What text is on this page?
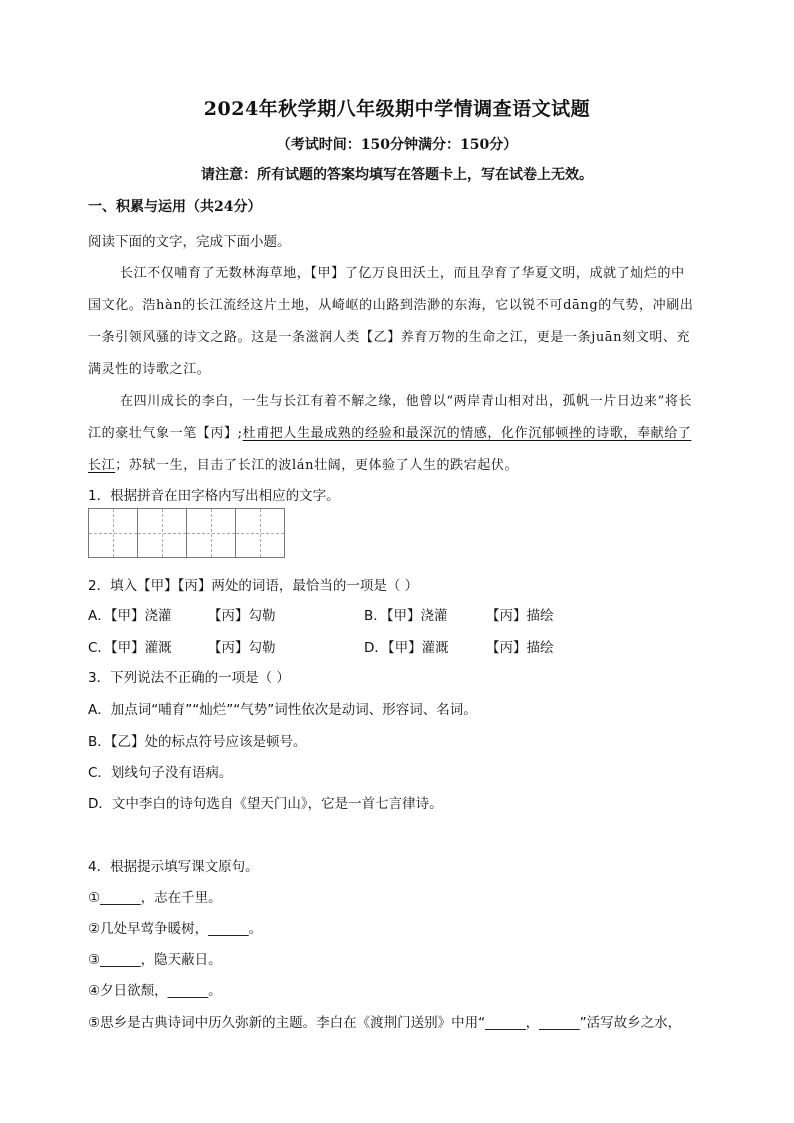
2024年秋学期八年级期中学情调查语文试题
（考试时间：150分钟满分：150分）
请注意：所有试题的答案均填写在答题卡上，写在试卷上无效。
一、积累与运用（共24分）
阅读下面的文字，完成下面小题。
长江不仅哺育了无数林海草地，【甲】了亿万良田沃土，而且孕育了华夏文明，成就了灿烂的中
国文化。浩hàn的长江流经这片土地，从崎岖的山路到浩渺的东海，它以锐不可dāng的气势，冲刷出
一条引领风骚的诗文之路。这是一条滋润人类【乙】养育万物的生命之江，更是一条juān刻文明、充
满灵性的诗歌之江。
在四川成长的李白，一生与长江有着不解之缘，他曾以“两岸青山相对出，孤帆一片日边来”将长
江的豪壮气象一笔【丙】;杜甫把人生最成熟的经验和最深沉的情感，化作沉郁顿挫的诗歌，奉献给了
长江；苏轼一生，目击了长江的波lán壮阔，更体验了人生的跌宕起伏。
1．根据拼音在田字格内写出相应的文字。
2．填入【甲】【丙】两处的词语，最恰当的一项是（ ）
A．【甲】浇灌	【丙】勾勒	B．【甲】浇灌	【丙】描绘
C．【甲】灌溉	【丙】勾勒	D．【甲】灌溉	【丙】描绘
3．下列说法不正确的一项是（ ）
A．加点词“哺育”“灿烂”“气势”词性依次是动词、形容词、名词。
B．【乙】处的标点符号应该是顿号。
C．划线句子没有语病。
D．文中李白的诗句选自《望天门山》，它是一首七言律诗。
4．根据提示填写课文原句。
①______，志在千里。
②几处早莺争暖树，______。
③______，隐天蔽日。
④夕日欲颓，______。
⑤思乡是古典诗词中历久弥新的主题。李白在《渡荆门送别》中用“______，______”活写故乡之水，
